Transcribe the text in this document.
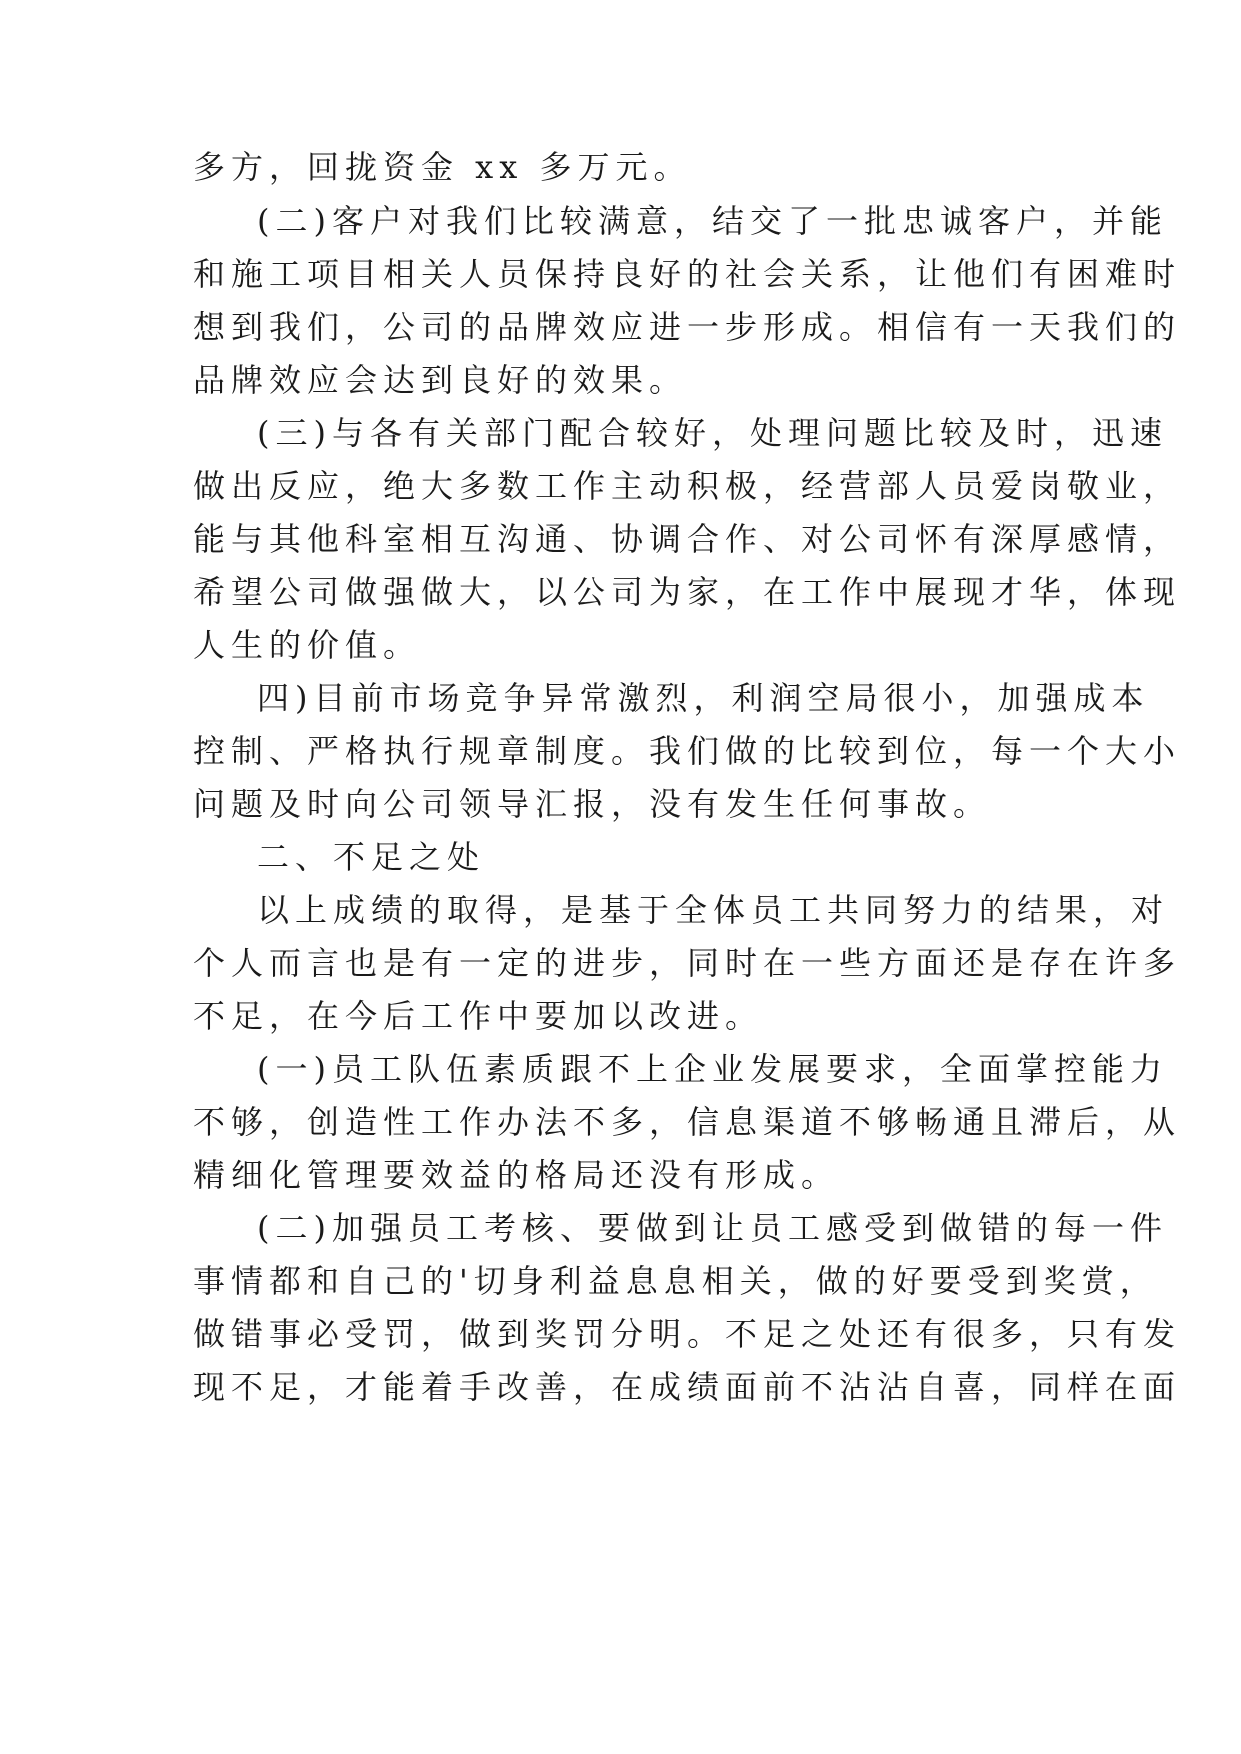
多方，回拢资金 xx 多万元。
(二)客户对我们比较满意，结交了一批忠诚客户，并能
和施工项目相关人员保持良好的社会关系，让他们有困难时
想到我们，公司的品牌效应进一步形成。相信有一天我们的
品牌效应会达到良好的效果。
(三)与各有关部门配合较好，处理问题比较及时，迅速
做出反应，绝大多数工作主动积极，经营部人员爱岗敬业，
能与其他科室相互沟通、协调合作、对公司怀有深厚感情，
希望公司做强做大，以公司为家，在工作中展现才华，体现
人生的价值。
四)目前市场竞争异常激烈，利润空局很小，加强成本
控制、严格执行规章制度。我们做的比较到位，每一个大小
问题及时向公司领导汇报，没有发生任何事故。
二、不足之处
以上成绩的取得，是基于全体员工共同努力的结果，对
个人而言也是有一定的进步，同时在一些方面还是存在许多
不足，在今后工作中要加以改进。
(一)员工队伍素质跟不上企业发展要求，全面掌控能力
不够，创造性工作办法不多，信息渠道不够畅通且滞后，从
精细化管理要效益的格局还没有形成。
(二)加强员工考核、要做到让员工感受到做错的每一件
事情都和自己的'切身利益息息相关，做的好要受到奖赏，
做错事必受罚，做到奖罚分明。不足之处还有很多，只有发
现不足，才能着手改善，在成绩面前不沾沾自喜，同样在面
